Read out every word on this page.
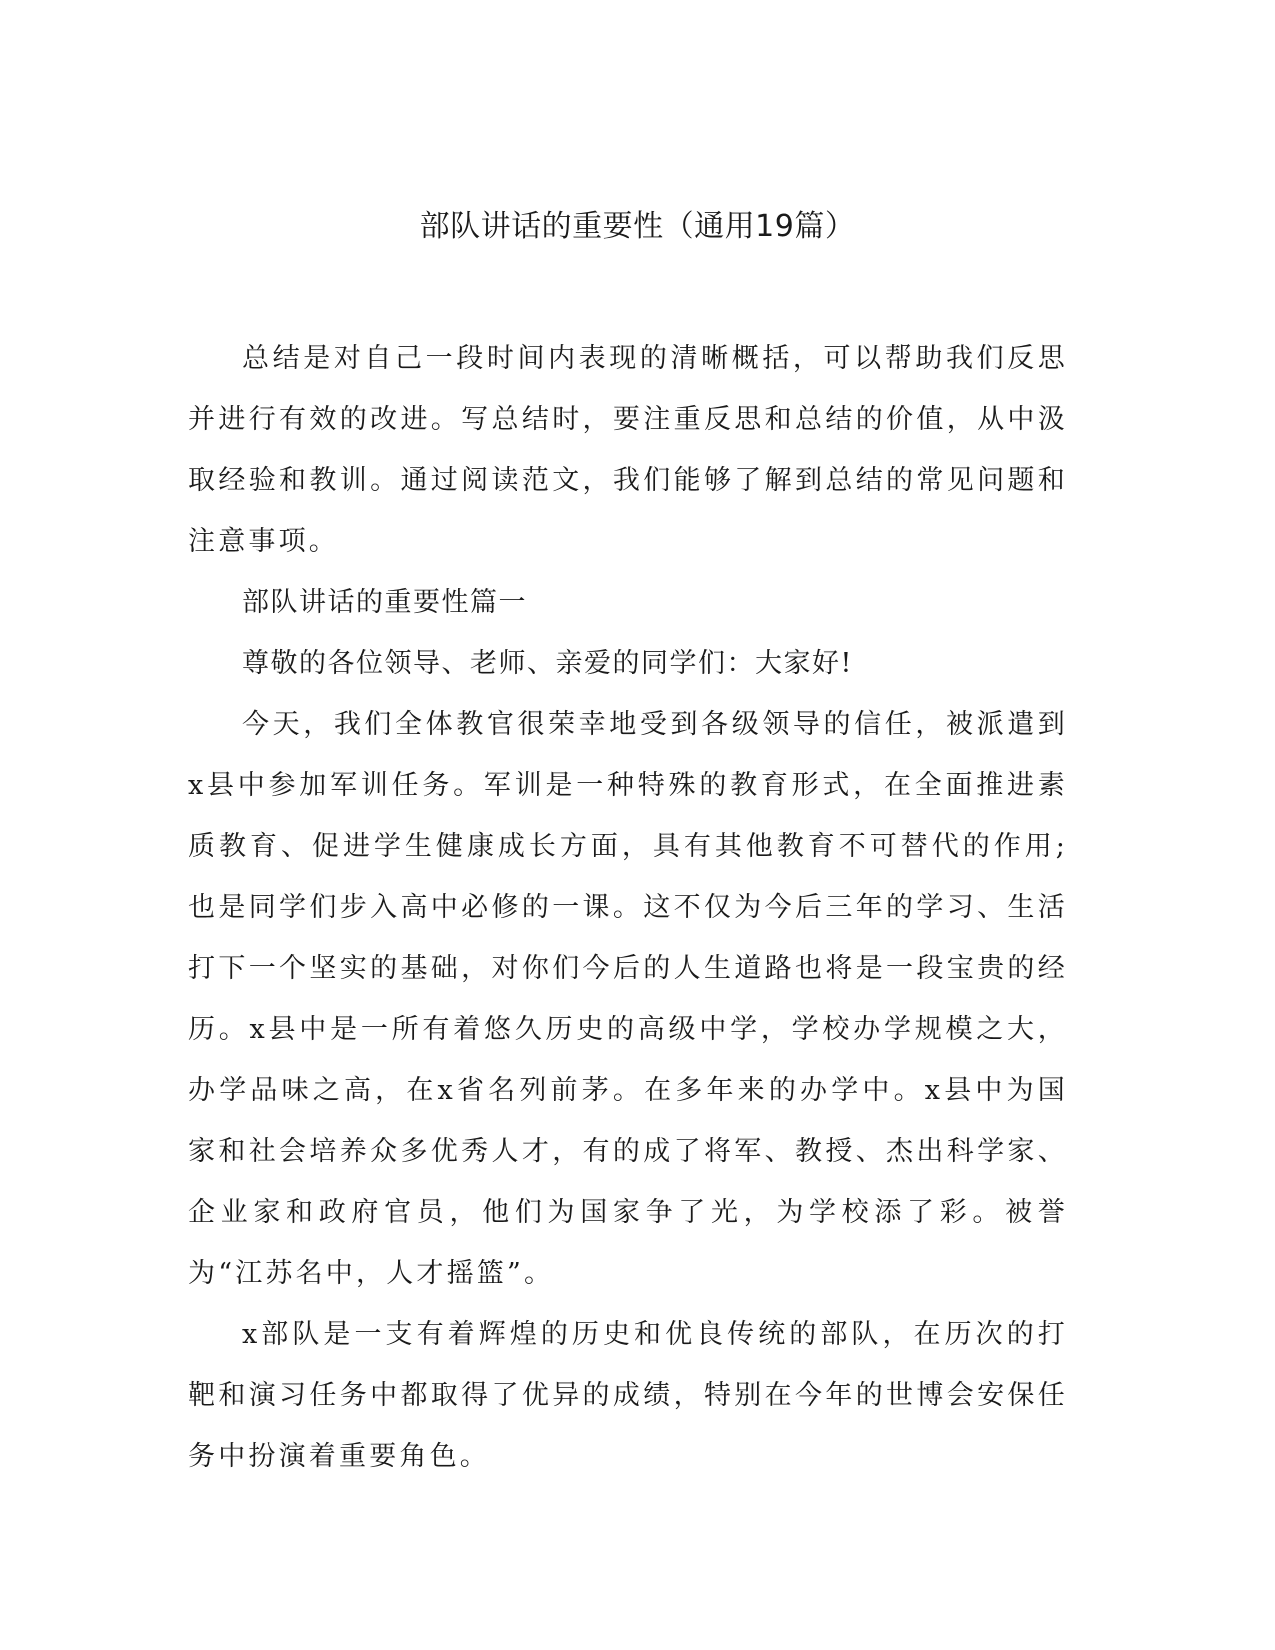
部队讲话的重要性（通用19篇）

总结是对自己一段时间内表现的清晰概括，可以帮助我们反思并进行有效的改进。写总结时，要注重反思和总结的价值，从中汲取经验和教训。通过阅读范文，我们能够了解到总结的常见问题和注意事项。

部队讲话的重要性篇一

尊敬的各位领导、老师、亲爱的同学们：大家好!

今天，我们全体教官很荣幸地受到各级领导的信任，被派遣到x县中参加军训任务。军训是一种特殊的教育形式，在全面推进素质教育、促进学生健康成长方面，具有其他教育不可替代的作用;也是同学们步入高中必修的一课。这不仅为今后三年的学习、生活打下一个坚实的基础，对你们今后的人生道路也将是一段宝贵的经历。x县中是一所有着悠久历史的高级中学，学校办学规模之大，办学品味之高，在x省名列前茅。在多年来的办学中。x县中为国家和社会培养众多优秀人才，有的成了将军、教授、杰出科学家、企业家和政府官员，他们为国家争了光，为学校添了彩。被誉为“江苏名中，人才摇篮”。

x部队是一支有着辉煌的历史和优良传统的部队，在历次的打靶和演习任务中都取得了优异的成绩，特别在今年的世博会安保任务中扮演着重要角色。
